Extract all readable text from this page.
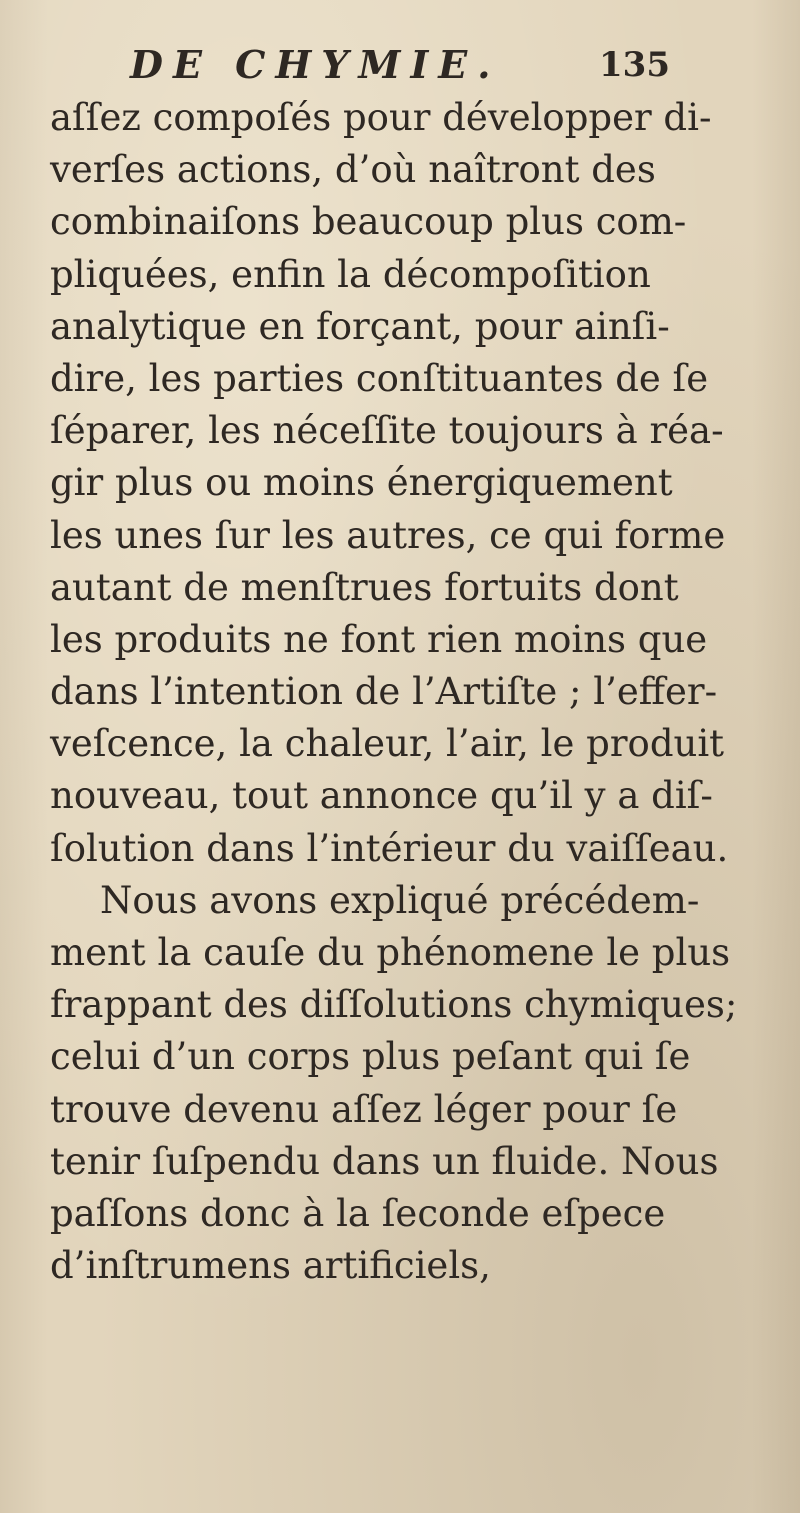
DE CHYMIE.	135
aſſez compoſés pour développer di-
verſes actions, d’où naîtront des
combinaiſons beaucoup plus com-
pliquées, enfin la décompoſition
analytique en forçant, pour ainſi-
dire, les parties conſtituantes de ſe
ſéparer, les néceſſite toujours à réa-
gir plus ou moins énergiquement
les unes ſur les autres, ce qui forme
autant de menſtrues fortuits dont
les produits ne font rien moins que
dans l’intention de l’Artiſte ; l’effer-
veſcence, la chaleur, l’air, le produit
nouveau, tout annonce qu’il y a diſ-
ſolution dans l’intérieur du vaiſſeau.
Nous avons expliqué précédem-
ment la cauſe du phénomene le plus
frappant des diſſolutions chymiques;
celui d’un corps plus peſant qui ſe
trouve devenu aſſez léger pour ſe
tenir ſuſpendu dans un fluide. Nous
paſſons donc à la ſeconde eſpece
d’inſtrumens artificiels,
